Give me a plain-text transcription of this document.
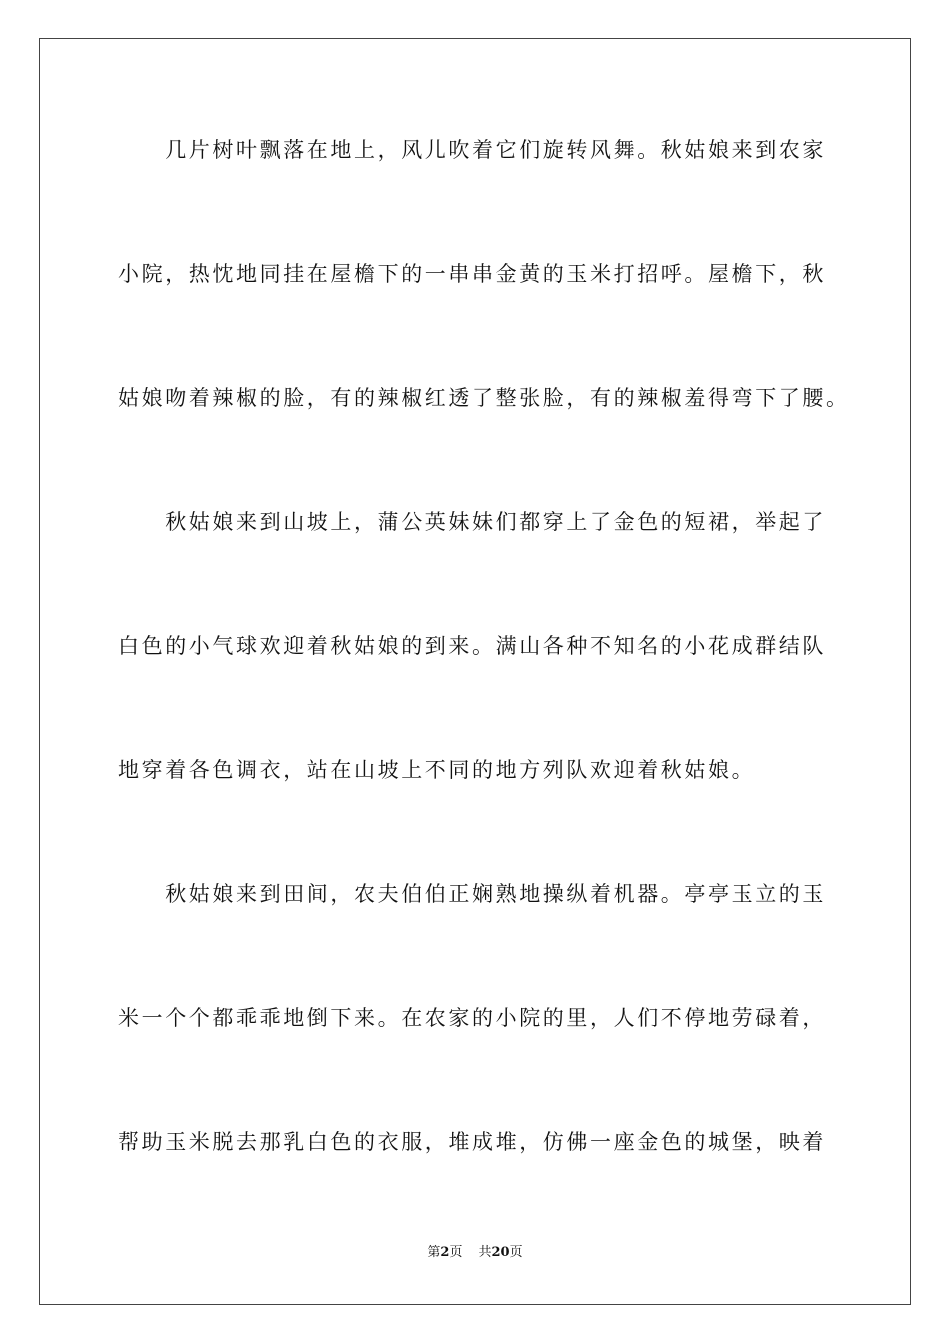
　　几片树叶飘落在地上，风儿吹着它们旋转风舞。秋姑娘来到农家
小院，热忱地同挂在屋檐下的一串串金黄的玉米打招呼。屋檐下，秋
姑娘吻着辣椒的脸，有的辣椒红透了整张脸，有的辣椒羞得弯下了腰。
　　秋姑娘来到山坡上，蒲公英妹妹们都穿上了金色的短裙，举起了
白色的小气球欢迎着秋姑娘的到来。满山各种不知名的小花成群结队
地穿着各色调衣，站在山坡上不同的地方列队欢迎着秋姑娘。
　　秋姑娘来到田间，农夫伯伯正娴熟地操纵着机器。亭亭玉立的玉
米一个个都乖乖地倒下来。在农家的小院的里，人们不停地劳碌着，
帮助玉米脱去那乳白色的衣服，堆成堆，仿佛一座金色的城堡，映着
第2页 共20页
